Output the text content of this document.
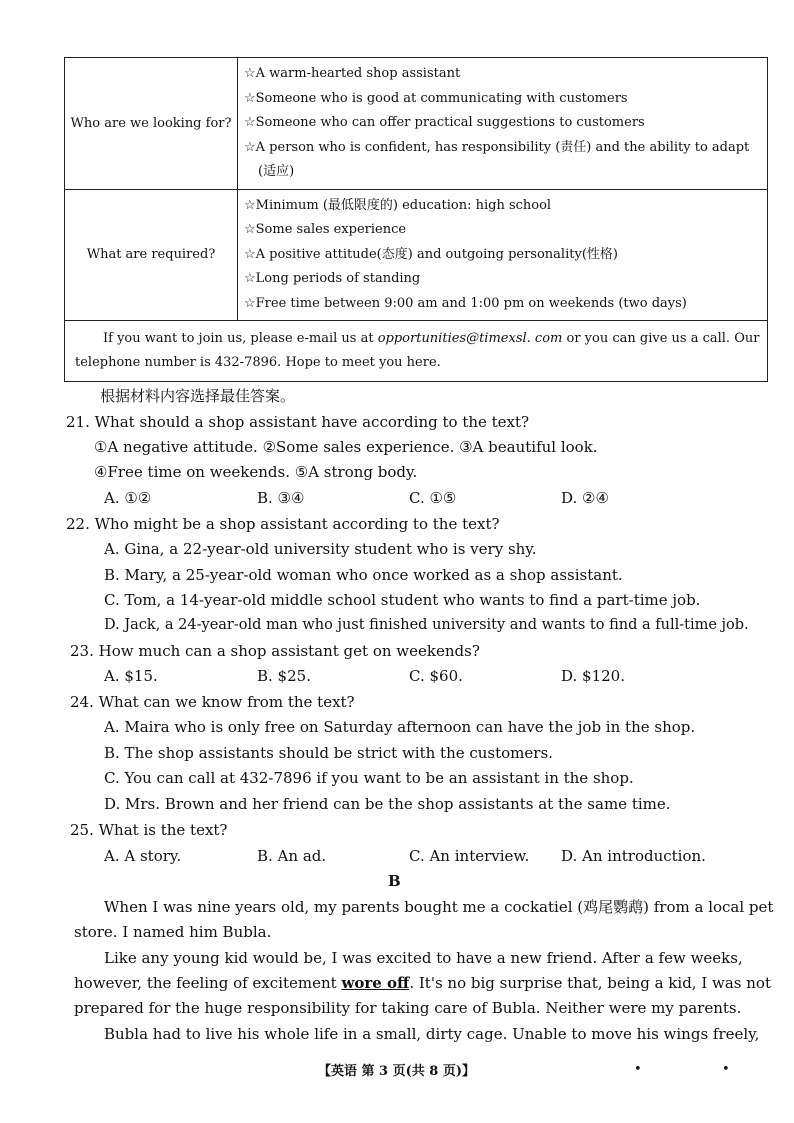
Who are we looking for?	☆A warm-hearted shop assistant
☆Someone who is good at communicating with customers
☆Someone who can offer practical suggestions to customers
☆A person who is confident, has responsibility (责任) and the ability to adapt
(适应)

What are required?	☆Minimum (最低限度的) education: high school
☆Some sales experience
☆A positive attitude(态度) and outgoing personality(性格)
☆Long periods of standing
☆Free time between 9:00 am and 1:00 pm on weekends (two days)

If you want to join us, please e-mail us at opportunities@timexsl. com or you can give us a call. Our
telephone number is 432-7896. Hope to meet you here.	
根据材料内容选择最佳答案。
21. What should a shop assistant have according to the text?
①A negative attitude. ②Some sales experience. ③A beautiful look.
④Free time on weekends. ⑤A strong body.
A. ①②	B. ③④	C. ①⑤	D. ②④
22. Who might be a shop assistant according to the text?
A. Gina, a 22-year-old university student who is very shy.
B. Mary, a 25-year-old woman who once worked as a shop assistant.
C. Tom, a 14-year-old middle school student who wants to find a part-time job.
D. Jack, a 24-year-old man who just finished university and wants to find a full-time job.
23. How much can a shop assistant get on weekends?
A. $15.	B. $25.	C. $60.	D. $120.
24. What can we know from the text?
A. Maira who is only free on Saturday afternoon can have the job in the shop.
B. The shop assistants should be strict with the customers.
C. You can call at 432-7896 if you want to be an assistant in the shop.
D. Mrs. Brown and her friend can be the shop assistants at the same time.
25. What is the text?
A. A story.	B. An ad.	C. An interview. D. An introduction.
B
When I was nine years old, my parents bought me a cockatiel (鸡尾鹦鹉) from a local pet
store. I named him Bubla.
Like any young kid would be, I was excited to have a new friend. After a few weeks,
however, the feeling of excitement wore off. It's no big surprise that, being a kid, I was not
prepared for the huge responsibility for taking care of Bubla. Neither were my parents.
Bubla had to live his whole life in a small, dirty cage. Unable to move his wings freely,
【英语 第 3 页(共 8 页)】	•	•
